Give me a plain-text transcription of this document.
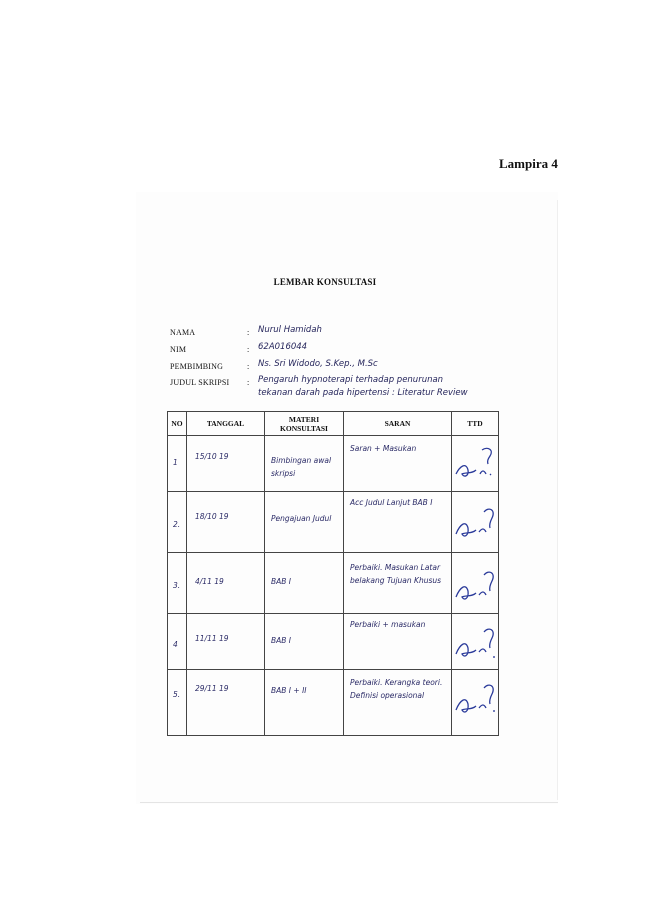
Lampira 4
LEMBAR KONSULTASI
NAMA	: Nurul Hamidah
NIM	: 62A016044
PEMBIMBING	: Ns. Sri Widodo, S.Kep., M.Sc
JUDUL SKRIPSI	: Pengaruh hypnoterapi terhadap penurunan
tekanan darah pada hipertensi : Literatur Review
NO	TANGGAL	MATERI KONSULTASI	SARAN	TTD
1	15/10 19	Bimbingan awal skripsi	Saran + Masukan	

2.	18/10 19	Pengajuan Judul	Acc Judul Lanjut BAB I	

3.	4/11 19	BAB I	Perbaiki. Masukan Latar belakang Tujuan Khusus	

4	11/11 19	BAB I	Perbaiki + masukan	

5.	29/11 19	BAB I + II	Perbaiki. Kerangka teori. Definisi operasional	
